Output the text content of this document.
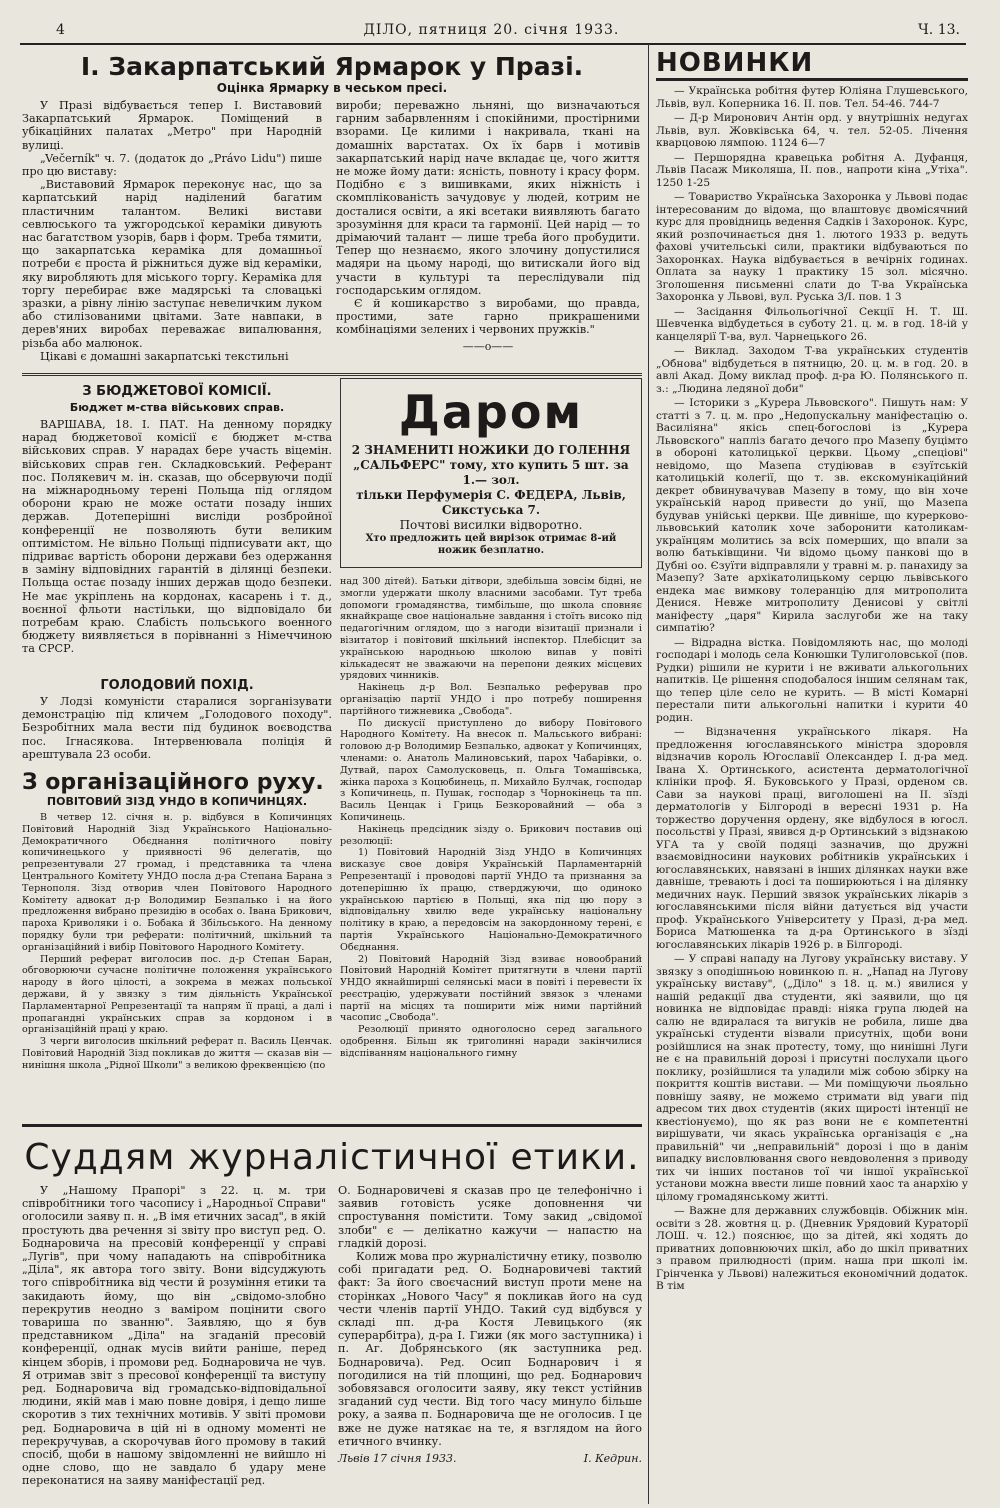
4	ДІЛО, пятниця 20. січня 1933.	Ч. 13.
І. Закарпатський Ярмарок у Празі.
Оцінка Ярмарку в чеськом пресі.

У Празі відбувається тепер І. Виставовий Закарпатський Ярмарок. Поміщений в убікаційних палатах „Метро" при Народній вулиці.

„Večerník" ч. 7. (додаток до „Právo Lidu") пише про цю виставу:

„Виставовий Ярмарок переконує нас, що за карпатський нарід наділений багатим пластичним талантом. Великі вистави севлюського та ужгородської кераміки дивують нас багатством узорів, барв і форм. Треба тямити, що закарпатська кераміка для домашньої потреби є проста й ріжниться дуже від кераміки, яку виробляють для міського торгу. Кераміка для торгу перебирає вже мадярські та словацькі зразки, а рівну лінію заступає невеличким луком або стилізованими цвітами. Зате навпаки, в дерев'яних виробах переважає випалювання, різьба або малюнок.

Цікаві є домашні закарпатські текстильні

вироби; переважно льняні, що визначаються гарним забарвленням і спокійними, простірними взорами. Це килими і накривала, ткані на домашніх варстатах. Ох їх барв і мотивів закарпатський нарід наче вкладає це, чого життя не може йому дати: ясність, повноту і красу форм. Подібно є з вишивками, яких ніжність і скомплікованість зачудовує у людей, котрим не досталися освіти, а які всетаки виявляють багато зрозуміння для краси та гармонії. Цей нарід — то дрімаючий талант — лише треба його пробудити. Тепер що незнаємо, якого злочину допустилися мадяри на цьому народі, що витискали його від участи в культурі та переслідували під господарським оглядом.

Є й кошикарство з виробами, що правда, простими, зате гарно прикрашеними комбінаціями зелених і червоних пружків."

——o——
З БЮДЖЕТОВОЇ КОМІСІЇ.
Бюджет м-ства військових справ.

ВАРШАВА, 18. І. ПАТ. На денному порядку нарад бюджетової комісії є бюджет м-ства військових справ. У нарадах бере участь віцемін. військових справ ген. Складковський. Реферант пос. Полякевич м. ін. сказав, що обсервуючи події на міжнародньому терені Польща під оглядом оборони краю не може остати позаду інших держав. Дотеперішні висліди розбройної конференції не позволяють бути великим оптимістом. Не вільно Польщі підписувати акт, що підриває вартість оборони держави без одержання в заміну відповідних гарантій в ділянці безпеки. Польща остає позаду інших держав щодо безпеки. Не має укріплень на кордонах, касарень і т. д., воєнної фльоти настільки, що відповідало би потребам краю. Слабість польського военного бюджету виявляється в порівнанні з Німеччиною та СРСР.

ГОЛОДОВИЙ ПОХІД.

У Лодзі комуністи старалися зорганізувати демонстрацію під кличем „Голодового походу". Безробітних мала вести під будинок воєводства пос. Ігнасякова. Інтервенювала поліція й арештувала 23 особи.

З організаційного руху.
ПОВІТОВИЙ ЗІЗД УНДО В КОПИЧИНЦЯХ.

В четвер 12. січня н. р. відбувся в Копичинцях Повітовий Народній Зізд Українського Національно-Демократичного Обєднання політичного повіту копичинецького у приявності 96 делегатів, що репрезентували 27 громад, і представника та члена Центрального Комітету УНДО посла д-ра Степана Барана з Тернополя. Зізд отворив член Повітового Народного Комітету адвокат д-р Володимир Безпалько і на його предложення вибрано президію в особах о. Івана Брикович, пароха Криволяки і о. Бобака й Збільського. На денному порядку були три реферати: політичний, шкільний та організаційний і вибір Повітового Народного Комітету.

Перший реферат виголосив пос. д-р Степан Баран, обговорюючи сучасне політичне положення українського народу в його цілості, а зокрема в межах польської держави, й у звязку з тим діяльність Української Парламентарної Репрезентації та напрям її праці, а далі і пропагандні українських справ за кордоном і в організаційній праці у краю.

З черги виголосив шкільний реферат п. Василь Ценчак. Повітовий Народній Зізд покликав до життя — сказав він — нинішня школа „Рідної Школи" з великою фреквенцією (по

Даром

2 ЗНАМЕНИТІ НОЖИКИ ДО ГОЛЕННЯ

„САЛЬФЕРС" тому, хто купить 5 шт. за 1.— зол.

тільки Перфумерія С. ФЕДЕРА, Львів,

Сикстуська 7.

Почтові висилки відворотно.

Хто предложить цей вирізок отримає 8-ий ножик безплатно.

над 300 дітей). Батьки дітвори, здебільша зовсім бідні, не змогли удержати школу власними засобами. Тут треба допомоги громадянства, тимбільше, що школа сповняє якнайкраще свое національне завдання і стоїть високо під педагогічним оглядом, що з нагоди візитації признали і візитатор і повітовий шкільний інспектор. Плебісцит за українською народньою школою випав у повіті кількадесят не зважаючи на перепони деяких місцевих урядових чинників.

Накінець д-р Вол. Безпалько реферував про організацію партії УНДО і про потребу поширення партійного тижневика „Свобода".

По дискусії приступлено до вибору Повітового Народного Комітету. На внесок п. Мальського вибрані: головою д-р Володимир Безпалько, адвокат у Копичинцях, членами: о. Анатоль Малиновський, парох Чабарівки, о. Дутвай, парох Самолусковець, п. Ольга Томашівська, жінка пароха з Коцюбинець, п. Михайло Булчак, господар з Копичинець, п. Пушак, господар з Чорнокінець та пп. Василь Ценцак і Гриць Безкоровайний — оба з Копичинець.

Накінець предсідник зізду о. Брикович поставив оці резолюції:

1) Повітовий Народній Зізд УНДО в Копичинцях висказує свое довіря Українській Парламентарній Репрезентації і проводові партії УНДО та признання за дотеперішню їх працю, стверджуючи, що одиноко українською партією в Польщі, яка під цю пору з відповідальну хвилю веде українську національну політику в краю, а передовсім на закордонному терені, є партія Українського Національно-Демократичного Обєднання.

2) Повітовий Народній Зізд взиває новообраний Повітовий Народній Комітет притягнути в члени партії УНДО якнайширші селянські маси в повіті і перевести їх реєстрацію, удержувати постійний звязок з членами партії на місцях та поширити між ними партійний часопис „Свобода".

Резолюції принято одноголосно серед загального одобрення. Більш як триголинні наради закінчилися відспіванням національного гимну

Суддям журналістичної етики.

У „Нашому Прапорі" з 22. ц. м. три співробітники того часопису і „Народньої Справи" оголосили заяву п. н. „В імя етичних засад", в якій простують два речення зі звіту про виступ ред. О. Боднаровича на пресовій конференції у справі „Лугів", при чому нападають на співробітника „Діла", як автора того звіту. Вони відсуджують того співробітника від чести й розуміння етики та закидають йому, що він „свідомо-злобно перекрутив неодно з ваміром поцінити свого товариша по званню". Заявляю, що я був представником „Діла" на згаданій пресовій конференції, однак мусів вийти раніше, перед кінцем зборів, і промови ред. Боднаровича не чув. Я отримав звіт з пресової конференції та виступу ред. Боднаровича від громадсько-відповідальної людини, якій мав і маю повне довіря, і дещо лише скоротив з тих технічних мотивів. У звіті промови ред. Боднаровича в цій ні в одному моменті не перекручував, а скорочував його промову в такий спосіб, щоби в нашому звідомленні не вийшло ні одне слово, що не завдало б удару мене переконатися на заяву маніфестації ред.

О. Боднаровичеві я сказав про це телефонічно і заявив готовість усяке доповнення чи спростування помістити. Тому закид „свідомої злоби" є — делікатно кажучи — напастю на гладкій дорозі.

Колиж мова про журналістичну етику, позволю собі пригадати ред. О. Боднаровичеві тактий факт: За його своєчасний виступ проти мене на сторінках „Нового Часу" я покликав його на суд чести членів партії УНДО. Такий суд відбувся у складі пп. д-ра Костя Левицького (як суперарбітра), д-ра І. Гижи (як мого заступника) і п. Аг. Добрянського (як заступника ред. Боднаровича). Ред. Осип Боднарович і я погодилися на тій площині, що ред. Боднарович зобовязався оголосити заяву, яку текст устійнив згаданий суд чести. Від того часу минуло більше року, а заява п. Боднаровича ще не оголосив. І це вже не дуже натякає на те, я взглядом на його етичного вчинку.

Львів 17 січня 1933.	І. Кедрин.
НОВИНКИ

— Українська робітня футер Юліяна Глушевського, Львів, вул. Коперника 16. II. пов. Тел. 54-46. 744-7

— Д-р Миронович Антін орд. у внутрішніх недугах Львів, вул. Жовківська 64, ч. тел. 52-05. Лічення кварцовою лямпою. 1124 6—7

— Першорядна кравецька робітня А. Дуфанця, Львів Пасаж Миколяша, II. пов., напроти кіна „Утіха". 1250 1-25

— Товариство Українська Захоронка у Львові подає інтересованим до відома, що влаштовує двомісячний курс для провідниць ведення Садків і Захоронок. Курс, який розпочинається дня 1. лютого 1933 р. ведуть фахові учительські сили, практики відбуваються по Захоронках. Наука відбувається в вечірніх годинах. Оплата за науку 1 практику 15 зол. місячно. Зголошення письменні слати до Т-ва Українська Захоронка у Львові, вул. Руська 3/І. пов. 1 3

— Засідання Фільольогічної Секції Н. Т. Ш. Шевченка відбудеться в суботу 21. ц. м. в год. 18-ій у канцелярії Т-ва, вул. Чарнецького 26.

— Виклад. Заходом Т-ва українських студентів „Обнова" відбудеться в пятницю, 20. ц. м. в год. 20. в авлі Акад. Дому виклад проф. д-ра Ю. Полянського п. з.: „Людина ледяної доби"

— Історики з „Курера Львовского". Пишуть нам: У статті з 7. ц. м. про „Недопускальну маніфестацію о. Василіяна" якісь спец-богослові із „Курера Львовского" напліз багато дечого про Мазепу буцімто в обороні католицької церкви. Цьому „спеціові" невідомо, що Мазепа студіював в єзуїтській католицькій колегії, що т. зв. екскомунікаційний декрет обвинувачував Мазепу в тому, що він хоче українській народ привести до унії, що Мазепа будував унійські церкви. Ще дивніше, що курерково-львовський католик хоче заборонити католикам-українцям молитись за всіх померших, що впали за волю батьківщини. Чи відомо цьому панкові що в Дубні оо. Єзуїти відправляли у травні м. р. панахиду за Мазепу? Зате архікатолицькому серцю львівського ендека має вимкову толеранцію для митрополита Денися. Невже митрополиту Денисові у світлі маніфесту „царя" Кирила заслугоби же на таку симпатію?

— Відрадна вістка. Повідомляють нас, що молоді господарі і молодь села Конюшки Тулиголовської (пов. Рудки) рішили не курити і не вживати алькогольних напитків. Це рішення сподобалося іншим селянам так, що тепер ціле село не курить. — В місті Комарні перестали пити алькогольні напитки і курити 40 родин.

— Відзначення українського лікаря. На предложення югославянського міністра здоровля відзначив король Югославії Олександер І. д-ра мед. Івана Х. Ортинського, асистента дерматологічної клініки проф. Я. Буковського у Празі, орденом св. Сави за наукові праці, виголошені на II. зїзді дерматологів у Білгороді в вересні 1931 р. На торжество доручення ордену, яке відбулося в югосл. посольстві у Празі, явився д-р Ортинський з відзнакою УГА та у своїй подяці зазначив, що дружні взаємовідносини наукових робітників українських і югославянських, навязані в інших ділянках науки вже давніше, тревають і досі та поширюються і на ділянку медичних наук. Перший звязок українських лікарів з югославянськими після війни датується від участи проф. Українського Університету у Празі, д-ра мед. Бориса Матюшенка та д-ра Ортинського в зїзді югославянських лікарів 1926 р. в Білгороді.

— У справі нападу на Лугову українську виставу. У звязку з оподішньою новинкою п. н. „Напад на Лугову українську виставу", („Діло" з 18. ц. м.) явилися у нашій редакції два студенти, які заявили, що ця новинка не відповідає правді: ніяка група людей на салю не вдиралася та вигуків не робила, лише два українські студенти візвали присутніх, щоби вони розійшлися на знак протесту, тому, що нинішні Луги не є на правильній дорозі і присутні послухали цього поклику, розійшлися та уладили між собою збірку на покриття коштів вистави. — Ми поміщуючи льояльно повнішу заяву, не можемо стримати від уваги під адресом тих двох студентів (яких щирості інтенції не квестіонуємо), що як раз вони не є компетентні вирішувати, чи якась українська організація є „на правильній" чи „неправильній" дорозі і що в данім випадку висловлювання свого невдоволення з приводу тих чи інших постанов тої чи іншої української установи можна ввести лише повний хаос та анархію у цілому громадянському житті.

— Важне для державних службовців. Обіжник мін. освіти з 28. жовтня ц. р. (Дневник Урядовий Кураторії ЛОШ. ч. 12.) пояснює, що за дітей, які ходять до приватних доповнюючих шкіл, або до шкіл приватних з правом прилюдності (прим. наша при школі ім. Грінченка у Львові) належиться економічний додаток. В тім
